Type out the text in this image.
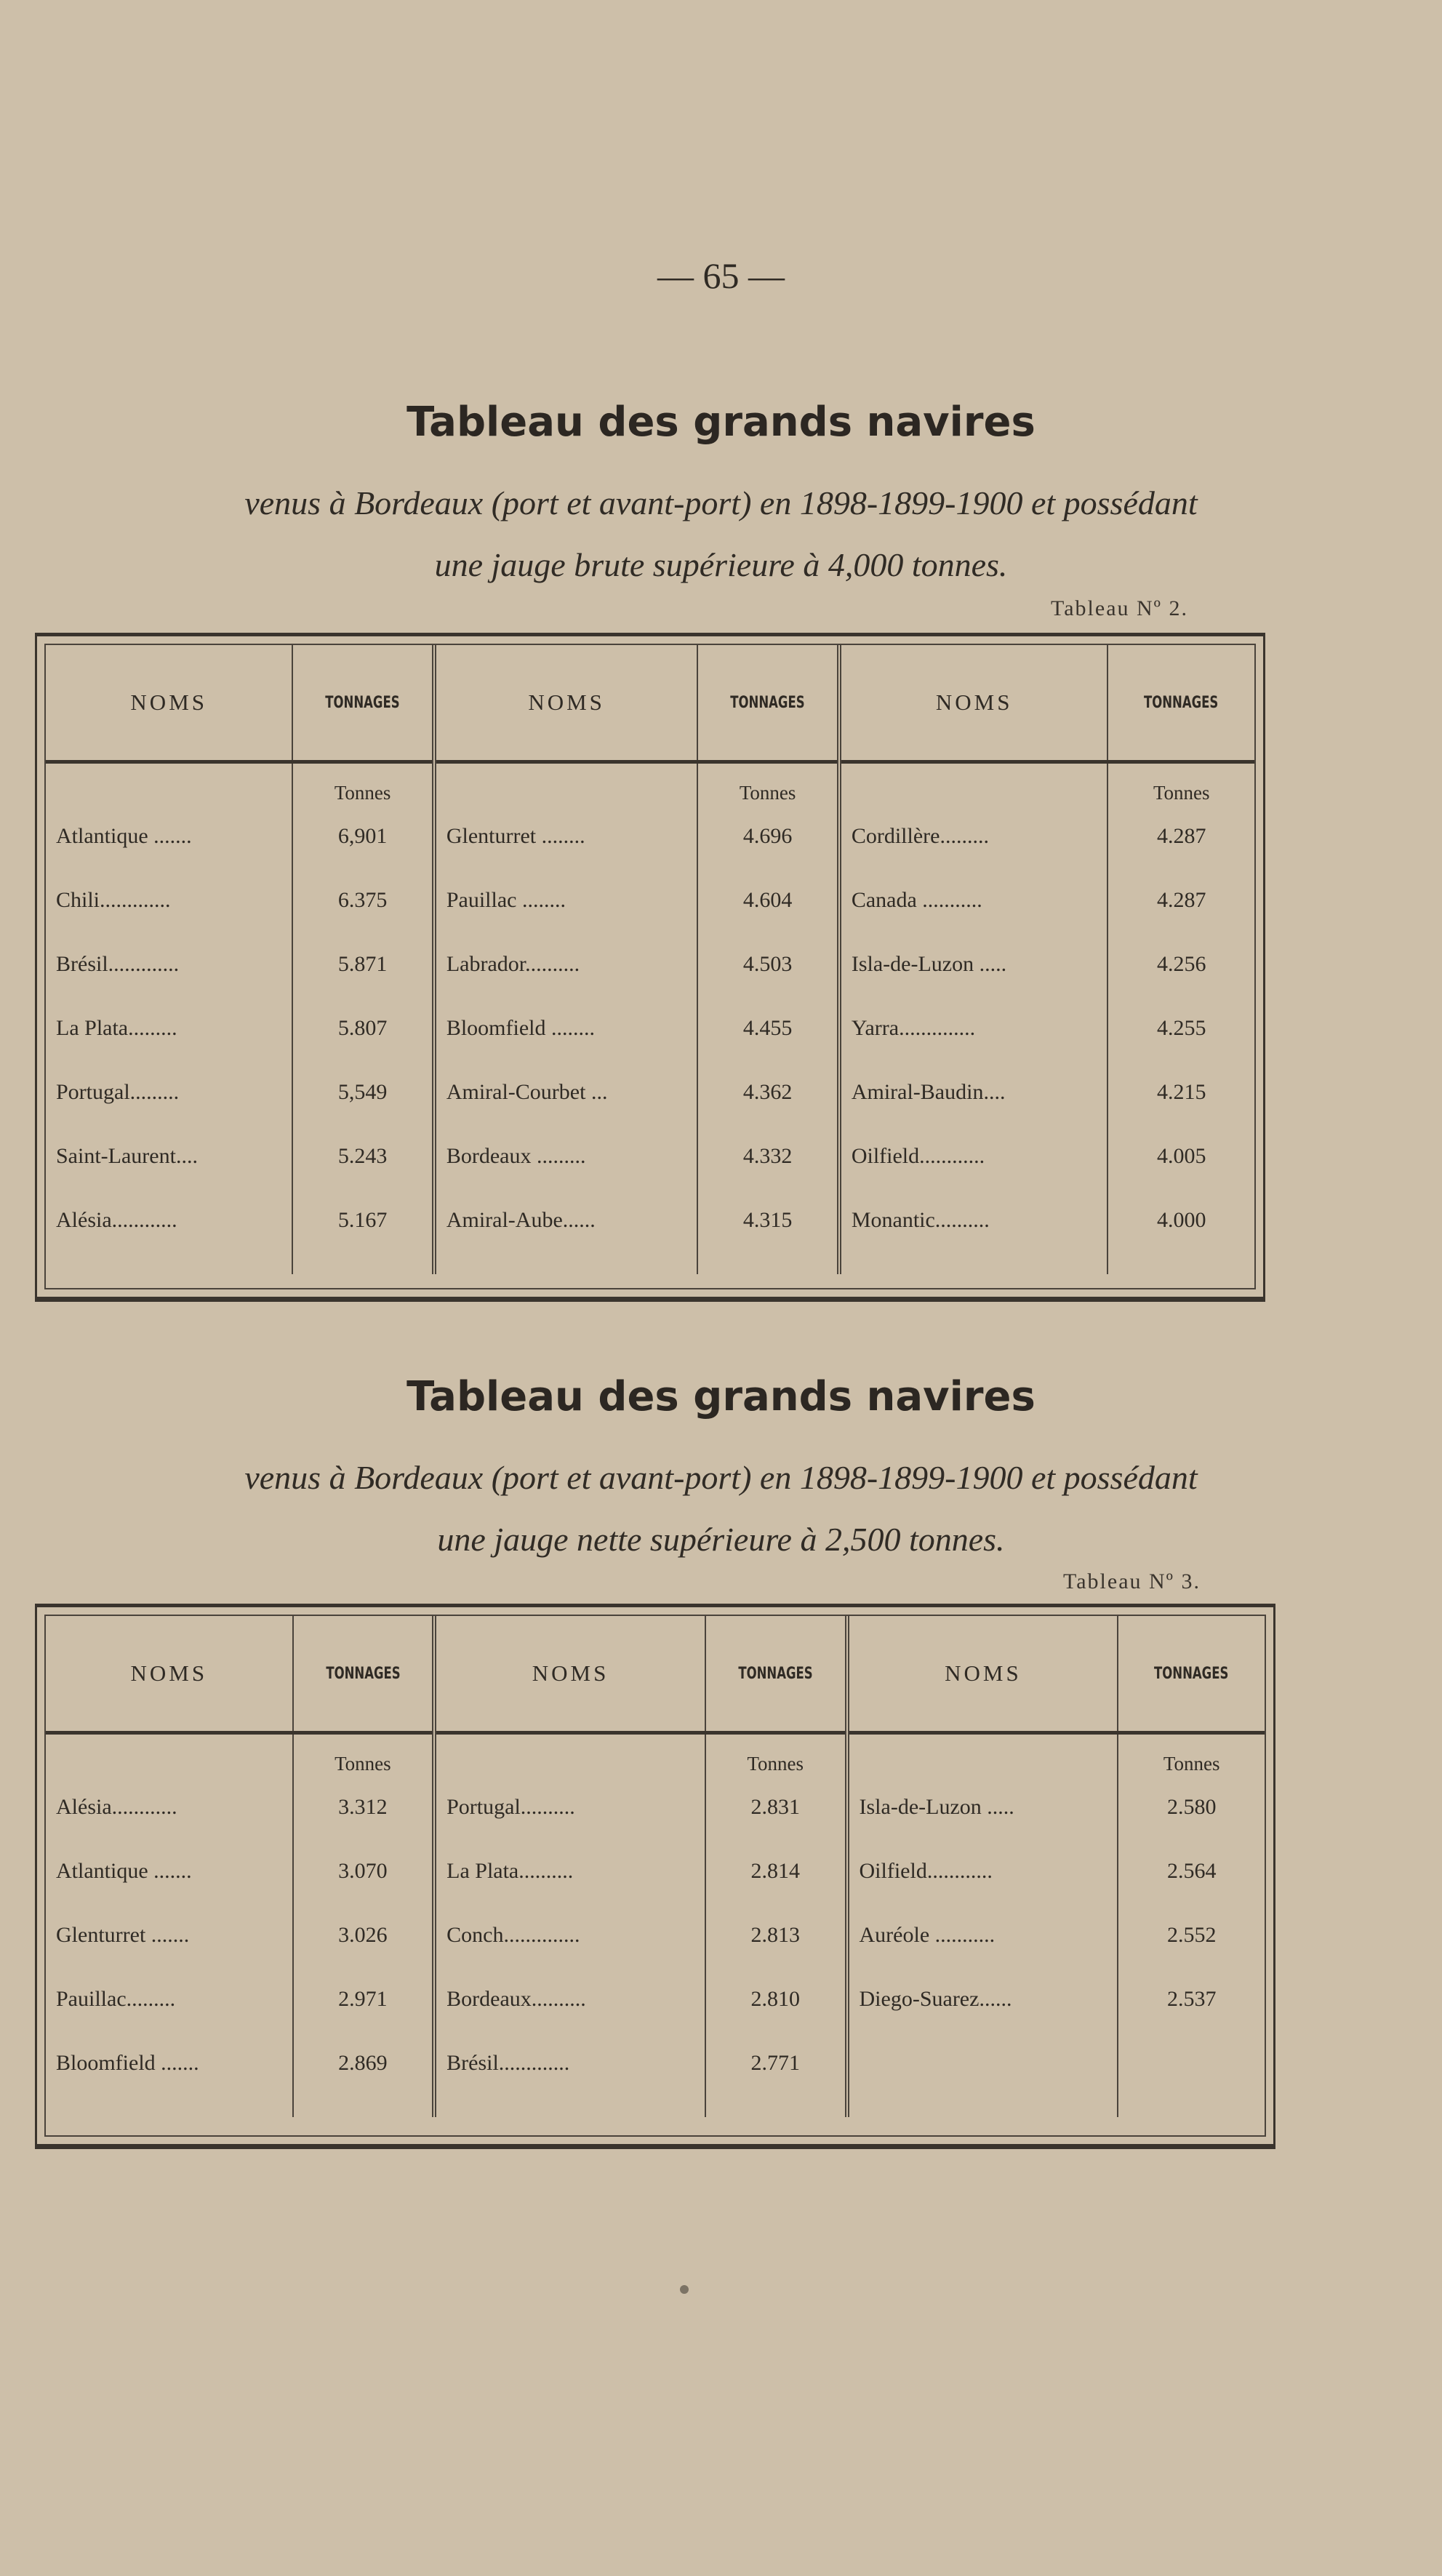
— 65 —
Tableau des grands navires
venus à Bordeaux (port et avant-port) en 1898-1899-1900 et possédant
une jauge brute supérieure à 4,000 tonnes.
Tableau Nº 2.
NOMS	TONNAGES	NOMS	TONNAGES	NOMS	TONNAGES
	Tonnes		Tonnes		Tonnes
Atlantique .......	6,901	Glenturret ........	4.696	Cordillère.........	4.287
Chili.............	6.375	Pauillac ........	4.604	Canada ...........	4.287
Brésil.............	5.871	Labrador..........	4.503	Isla-de-Luzon .....	4.256
La Plata.........	5.807	Bloomfield ........	4.455	Yarra..............	4.255
Portugal.........	5,549	Amiral-Courbet ...	4.362	Amiral-Baudin....	4.215
Saint-Laurent....	5.243	Bordeaux .........	4.332	Oilfield............	4.005
Alésia............	5.167	Amiral-Aube......	4.315	Monantic..........	4.000

Tableau des grands navires
venus à Bordeaux (port et avant-port) en 1898-1899-1900 et possédant
une jauge nette supérieure à 2,500 tonnes.
Tableau Nº 3.
NOMS	TONNAGES	NOMS	TONNAGES	NOMS	TONNAGES
	Tonnes		Tonnes		Tonnes
Alésia............	3.312	Portugal..........	2.831	Isla-de-Luzon .....	2.580
Atlantique .......	3.070	La Plata..........	2.814	Oilfield............	2.564
Glenturret .......	3.026	Conch..............	2.813	Auréole ...........	2.552
Pauillac.........	2.971	Bordeaux..........	2.810	Diego-Suarez......	2.537
Bloomfield .......	2.869	Brésil.............	2.771		
